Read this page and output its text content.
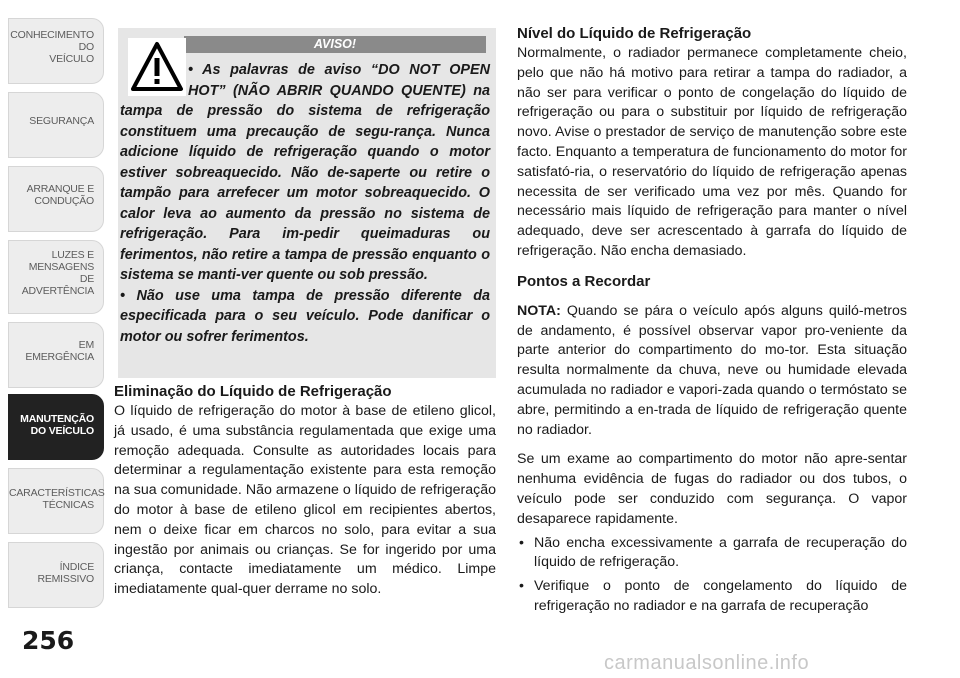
CONHECIMENTO
DO
VEÍCULO
SEGURANÇA
ARRANQUE E
CONDUÇÃO
LUZES E
MENSAGENS
DE
ADVERTÊNCIA
EM
EMERGÊNCIA
MANUTENÇÃO
DO VEÍCULO
CARACTERÍSTICAS
TÉCNICAS
ÍNDICE
REMISSIVO
256
AVISO!

• As palavras de aviso “DO NOT OPEN HOT” (NÃO ABRIR QUANDO QUENTE) na tampa de pressão do sistema de refrigeração constituem uma precaução de segu-rança. Nunca adicione líquido de refrigeração quando o motor estiver sobreaquecido. Não de-saperte ou retire o tampão para arrefecer um motor sobreaquecido. O calor leva ao aumento da pressão no sistema de refrigeração. Para im-pedir queimaduras ou ferimentos, não retire a tampa de pressão enquanto o sistema se manti-ver quente ou sob pressão.

• Não use uma tampa de pressão diferente da especificada para o seu veículo. Pode danificar o motor ou sofrer ferimentos.

Eliminação do Líquido de Refrigeração

O líquido de refrigeração do motor à base de etileno glicol, já usado, é uma substância regulamentada que exige uma remoção adequada. Consulte as autoridades locais para determinar a regulamentação existente para esta remoção na sua comunidade. Não armazene o líquido de refrigeração do motor à base de etileno glicol em recipientes abertos, nem o deixe ficar em charcos no solo, para evitar a sua ingestão por animais ou crianças. Se for ingerido por uma criança, contacte imediatamente um médico. Limpe imediatamente qual-quer derrame no solo.

Nível do Líquido de Refrigeração

Normalmente, o radiador permanece completamente cheio, pelo que não há motivo para retirar a tampa do radiador, a não ser para verificar o ponto de congelação do líquido de refrigeração ou para o substituir por líquido de refrigeração novo. Avise o prestador de serviço de manutenção sobre este facto. Enquanto a temperatura de funcionamento do motor for satisfató-ria, o reservatório do líquido de refrigeração apenas necessita de ser verificado uma vez por mês. Quando for necessário mais líquido de refrigeração para manter o nível adequado, deve ser acrescentado à garrafa do líquido de refrigeração. Não encha demasiado.

Pontos a Recordar

NOTA: Quando se pára o veículo após alguns quiló-metros de andamento, é possível observar vapor pro-veniente da parte anterior do compartimento do mo-tor. Esta situação resulta normalmente da chuva, neve ou humidade elevada acumulada no radiador e vapori-zada quando o termóstato se abre, permitindo a en-trada de líquido de refrigeração quente no radiador.

Se um exame ao compartimento do motor não apre-sentar nenhuma evidência de fugas do radiador ou dos tubos, o veículo pode ser conduzido com segurança. O vapor desaparece rapidamente.

• Não encha excessivamente a garrafa de recuperação do líquido de refrigeração.
• Verifique o ponto de congelamento do líquido de refrigeração no radiador e na garrafa de recuperação
carmanualsonline.info
